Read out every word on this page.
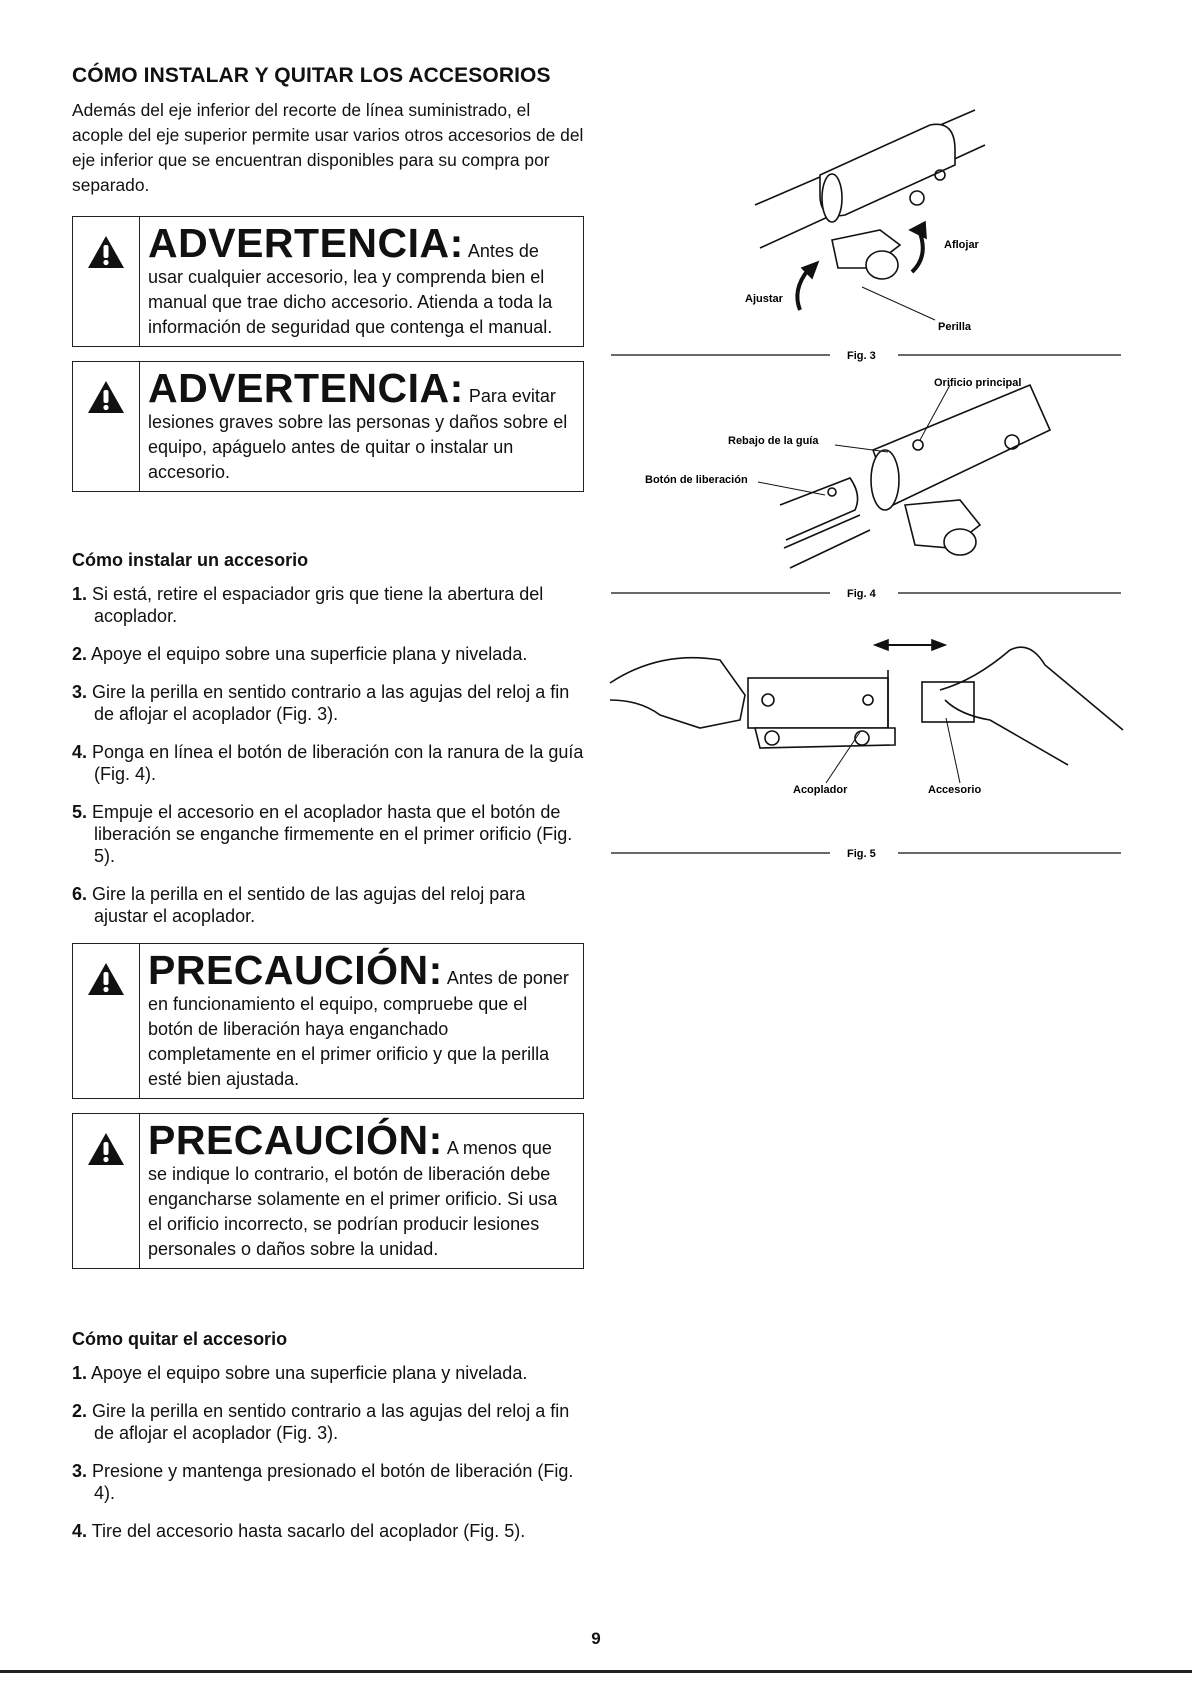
CÓMO INSTALAR Y QUITAR LOS ACCESORIOS

Además del eje inferior del recorte de línea suministrado, el acople del eje superior permite usar varios otros accesorios de del eje inferior que se encuentran disponibles para su compra por separado.

ADVERTENCIA: Antes de usar cualquier accesorio, lea y comprenda bien el manual que trae dicho accesorio. Atienda a toda la información de seguridad que contenga el manual.
ADVERTENCIA: Para evitar lesiones graves sobre las personas y daños sobre el equipo, apáguelo antes de quitar o instalar un accesorio.
Cómo instalar un accesorio
1. Si está, retire el espaciador gris que tiene la abertura del acoplador.
2. Apoye el equipo sobre una superficie plana y nivelada.
3. Gire la perilla en sentido contrario a las agujas del reloj a fin de aflojar el acoplador (Fig. 3).
4. Ponga en línea el botón de liberación con la ranura de la guía (Fig. 4).
5. Empuje el accesorio en el acoplador hasta que el botón de liberación se enganche firmemente en el primer orificio (Fig. 5).
6. Gire la perilla en el sentido de las agujas del reloj para ajustar el acoplador.
PRECAUCIÓN: Antes de poner en funcionamiento el equipo, compruebe que el botón de liberación haya enganchado completamente en el primer orificio y que la perilla esté bien ajustada.
PRECAUCIÓN: A menos que se indique lo contrario, el botón de liberación debe engancharse solamente en el primer orificio. Si usa el orificio incorrecto, se podrían producir lesiones personales o daños sobre la unidad.
Cómo quitar el accesorio
1. Apoye el equipo sobre una superficie plana y nivelada.
2. Gire la perilla en sentido contrario a las agujas del reloj a fin de aflojar el acoplador (Fig. 3).
3. Presione y mantenga presionado el botón de liberación (Fig. 4).
4. Tire del accesorio hasta sacarlo del acoplador (Fig. 5).
Aflojar
Ajustar
Perilla
Fig. 3
Orificio principal
Rebajo de la guía
Botón de liberación
Fig. 4
Acoplador	Accesorio
Fig. 5
9
